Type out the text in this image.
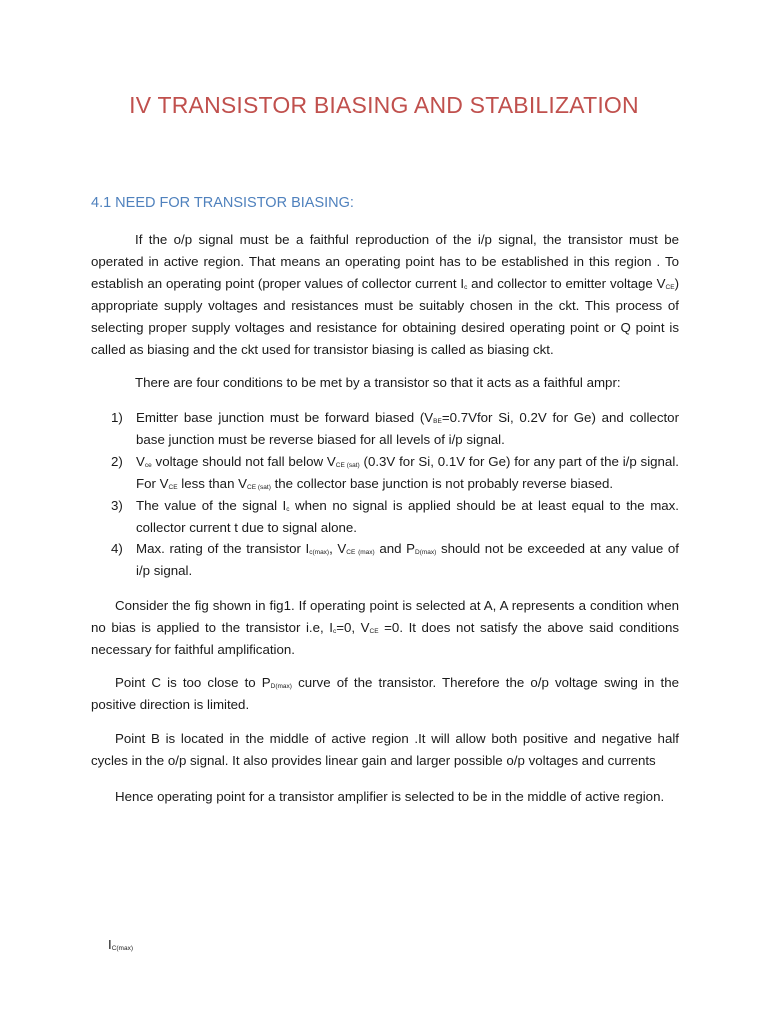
IV TRANSISTOR BIASING AND STABILIZATION
4.1 NEED FOR TRANSISTOR BIASING:

If the o/p signal must be a faithful reproduction of the i/p signal, the transistor must be operated in active region. That means an operating point has to be established in this region . To establish an operating point (proper values of collector current $I_c$ and collector to emitter voltage $V_{CE}$) appropriate supply voltages and resistances must be suitably chosen in the ckt. This process of selecting proper supply voltages and resistance for obtaining desired operating point or Q point is called as biasing and the ckt used for transistor biasing is called as biasing ckt.

There are four conditions to be met by a transistor so that it acts as a faithful ampr:

1) Emitter base junction must be forward biased ($V_{BE}=0.7Vfor$ Si, 0.2V for Ge) and collector base junction must be reverse biased for all levels of i/p signal.
2) $V_{ce}$ voltage should not fall below $V_{CE (sat)}$ (0.3V for Si, 0.1V for Ge) for any part of the i/p signal. For $V_{CE}$ less than $V_{CE (sat)}$ the collector base junction is not probably reverse biased.
3) The value of the signal $I_c$ when no signal is applied should be at least equal to the max. collector current t due to signal alone.
4) Max. rating of the transistor $I_{c(max)}$, $V_{CE (max)}$ and $P_{D(max)}$ should not be exceeded at any value of i/p signal.

Consider the fig shown in fig1. If operating point is selected at A, A represents a condition when no bias is applied to the transistor i.e, $I_c=0$, $V_{CE} =0$. It does not satisfy the above said conditions necessary for faithful amplification.

Point C is too close to $P_{D(max)}$ curve of the transistor. Therefore the o/p voltage swing in the positive direction is limited.

Point B is located in the middle of active region .It will allow both positive and negative half cycles in the o/p signal. It also provides linear gain and larger possible o/p voltages and currents

Hence operating point for a transistor amplifier is selected to be in the middle of active region.

$I_{C(max)}$
